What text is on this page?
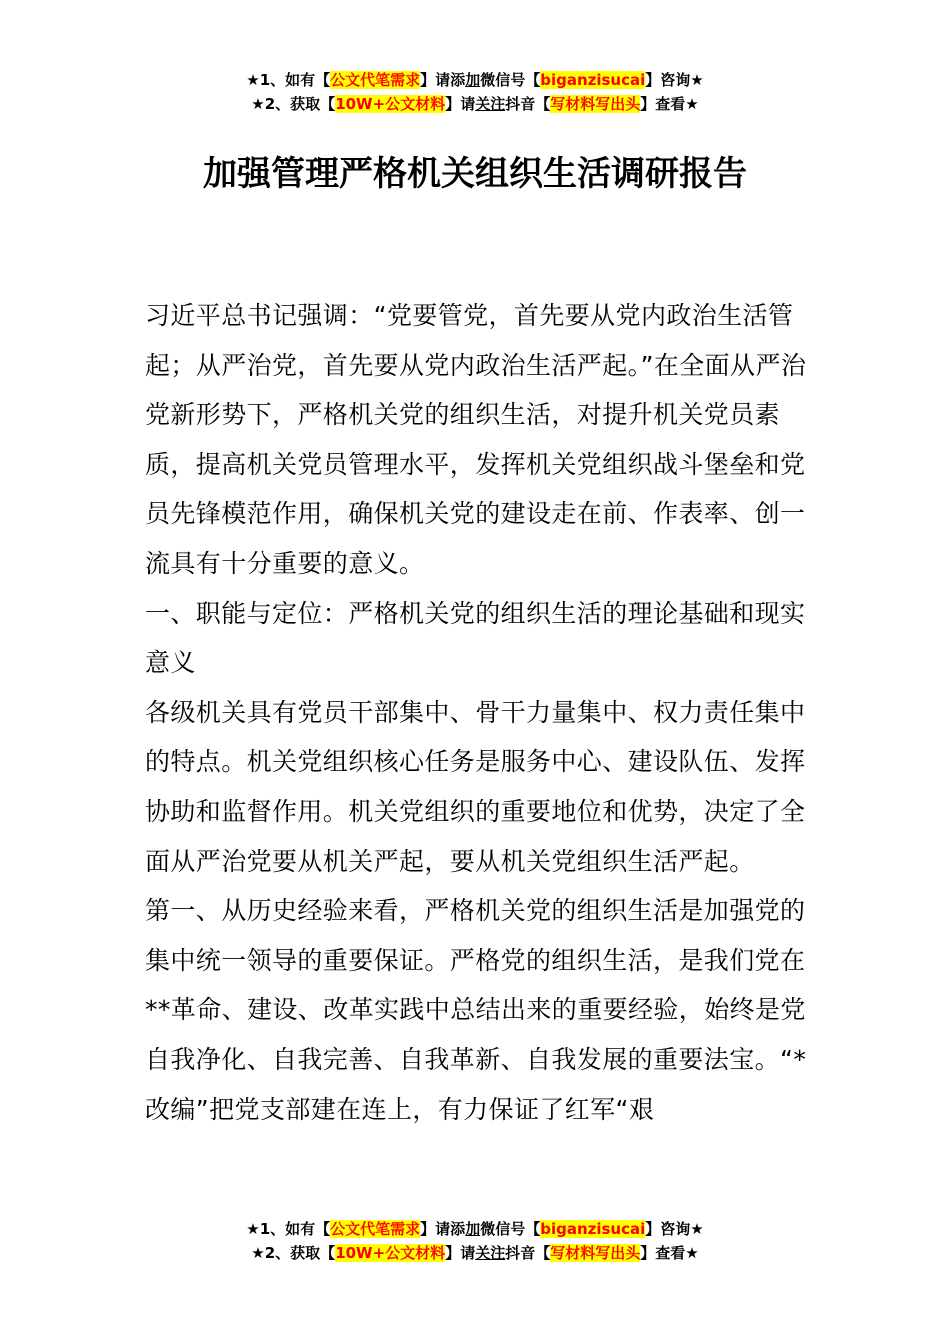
★1、如有【公文代笔需求】请添加微信号【biganzisucai】咨询★
★2、获取【10W+公文材料】请关注抖音【写材料写出头】查看★
加强管理严格机关组织生活调研报告

习近平总书记强调：“党要管党，首先要从党内政治生活管起；从严治党，首先要从党内政治生活严起。”在全面从严治党新形势下，严格机关党的组织生活，对提升机关党员素质，提高机关党员管理水平，发挥机关党组织战斗堡垒和党员先锋模范作用，确保机关党的建设走在前、作表率、创一流具有十分重要的意义。

一、职能与定位：严格机关党的组织生活的理论基础和现实意义

各级机关具有党员干部集中、骨干力量集中、权力责任集中的特点。机关党组织核心任务是服务中心、建设队伍、发挥协助和监督作用。机关党组织的重要地位和优势，决定了全面从严治党要从机关严起，要从机关党组织生活严起。

第一、从历史经验来看，严格机关党的组织生活是加强党的集中统一领导的重要保证。严格党的组织生活，是我们党在**革命、建设、改革实践中总结出来的重要经验，始终是党自我净化、自我完善、自我革新、自我发展的重要法宝。“*改编”把党支部建在连上，有力保证了红军“艰

★1、如有【公文代笔需求】请添加微信号【biganzisucai】咨询★
★2、获取【10W+公文材料】请关注抖音【写材料写出头】查看★
